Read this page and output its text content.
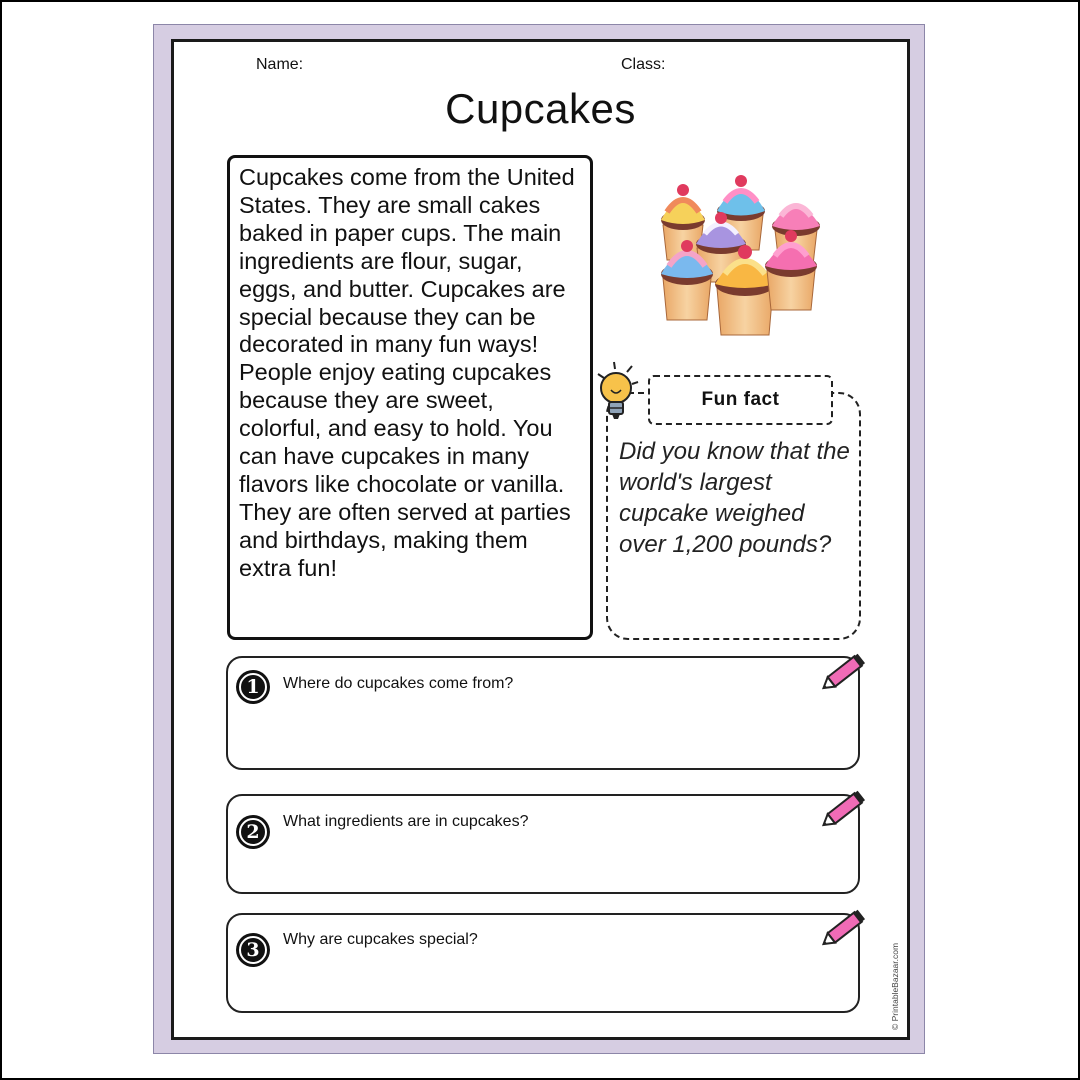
Name:	Class:
Cupcakes
Cupcakes come from the United States. They are small cakes baked in paper cups. The main ingredients are flour, sugar, eggs, and butter. Cupcakes are special because they can be decorated in many fun ways! People enjoy eating cupcakes because they are sweet, colorful, and easy to hold. You can have cupcakes in many flavors like chocolate or vanilla. They are often served at parties and birthdays, making them extra fun!
Fun fact
Did you know that the world's largest cupcake weighed over 1,200 pounds?
1	Where do cupcakes come from?
2	What ingredients are in cupcakes?
3	Why are cupcakes special?
© PrintableBazaar.com
